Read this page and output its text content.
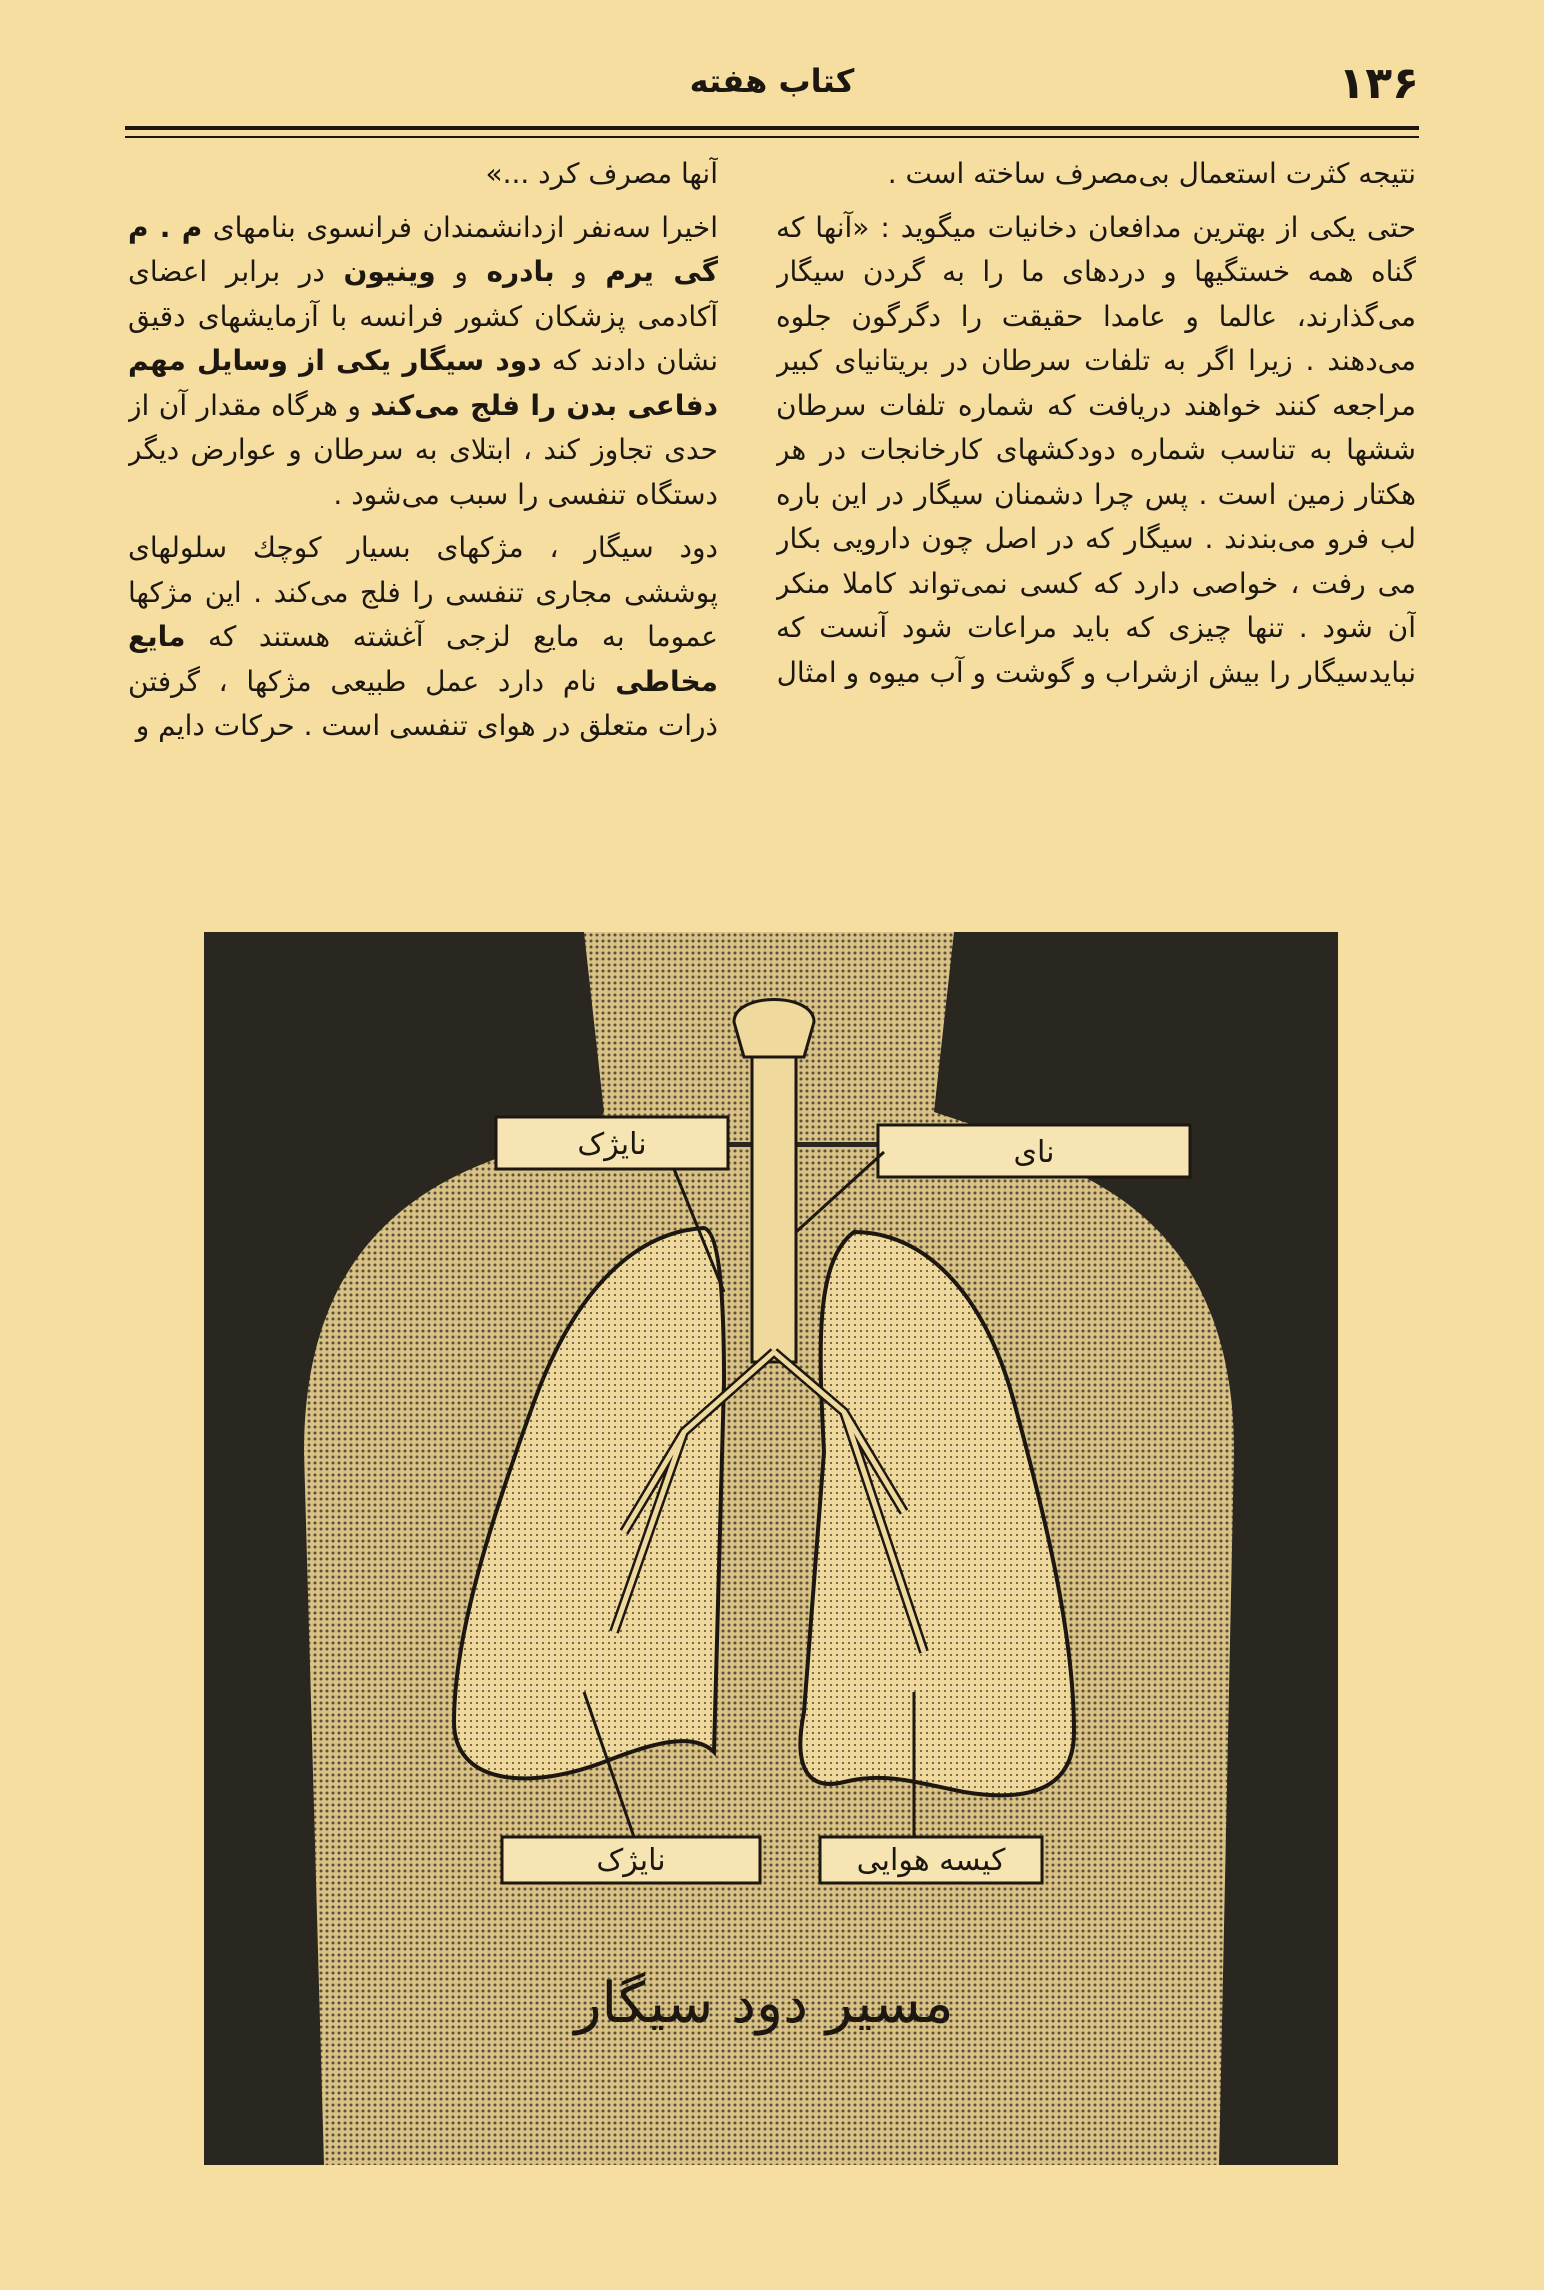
۱۳۶
کتاب هفته

نتیجه کثرت استعمال بی‌مصرف ساخته است .

حتی یکی از بهترین مدافعان دخانیات میگوید : «آنها که گناه همه خستگیها و دردهای ما را به گردن سیگار می‌گذارند، عالما و عامدا حقیقت را دگرگون جلوه می‌دهند . زیرا اگر به تلفات سرطان در بریتانیای کبیر مراجعه کنند خواهند دریافت که شماره تلفات سرطان ششها به تناسب شماره دودکشهای کارخانجات در هر هکتار زمین است . پس چرا دشمنان سیگار در این باره لب فرو می‌بندند . سیگار که در اصل چون دارویی بکار می رفت ، خواصی دارد که کسی نمی‌تواند کاملا منکر آن شود . تنها چیزی که باید مراعات شود آنست که نبایدسیگار را بیش ازشراب و گوشت و آب میوه و امثال

آنها مصرف کرد ...»

اخیرا سه‌نفر ازدانشمندان فرانسوی بنامهای م . م گی یرم و بادره و وینیون در برابر اعضای آکادمی پزشکان کشور فرانسه با آزمایشهای دقیق نشان دادند که دود سیگار یکی از وسایل مهم دفاعی بدن را فلج می‌کند و هرگاه مقدار آن از حدی تجاوز کند ، ابتلای به سرطان و عوارض دیگر دستگاه تنفسی را سبب می‌شود .

دود سیگار ، مژکهای بسیار کوچك سلولهای پوششی مجاری تنفسی را فلج می‌کند . این مژکها عموما به مایع لزجی آغشته هستند که مایع مخاطی نام دارد عمل طبیعی مژکها ، گرفتن ذرات متعلق در هوای تنفسی است . حرکات دایم و

نایژک	نای
نایژک	کیسه هوایی
مسیر دود سیگار
